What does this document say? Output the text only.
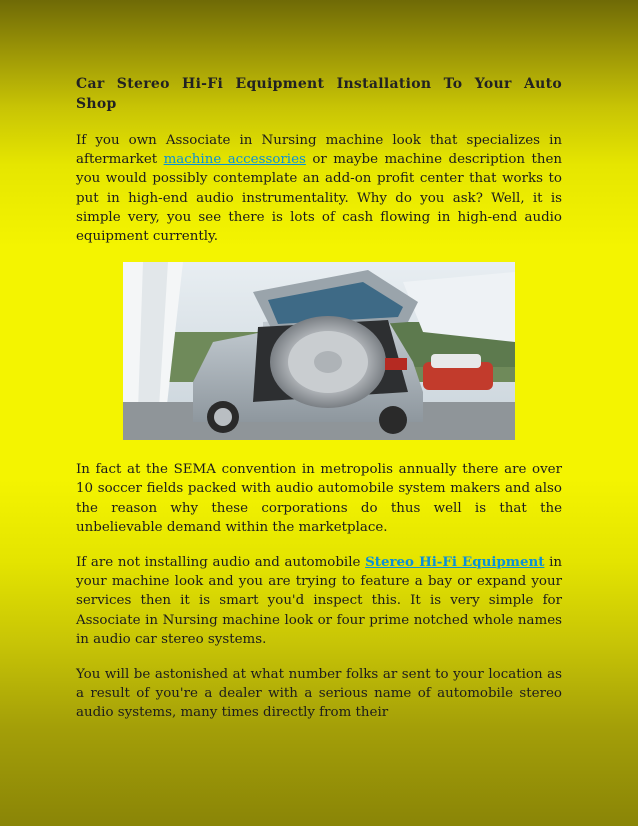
Car Stereo Hi-Fi Equipment Installation To Your Auto Shop

If you own Associate in Nursing machine look that specializes in aftermarket machine accessories or maybe machine description then you would possibly contemplate an add-on profit center that works to put in high-end audio instrumentality. Why do you ask? Well, it is simple very, you see there is lots of cash flowing in high-end audio equipment currently.

In fact at the SEMA convention in metropolis annually there are over 10 soccer fields packed with audio automobile system makers and also the reason why these corporations do thus well is that the unbelievable demand within the marketplace.

If are not installing audio and automobile Stereo Hi-Fi Equipment in your machine look and you are trying to feature a bay or expand your services then it is smart you'd inspect this. It is very simple for Associate in Nursing machine look or four prime notched whole names in audio car stereo systems.

You will be astonished at what number folks ar sent to your location as a result of you're a dealer with a serious name of automobile stereo audio systems, many times directly from their
